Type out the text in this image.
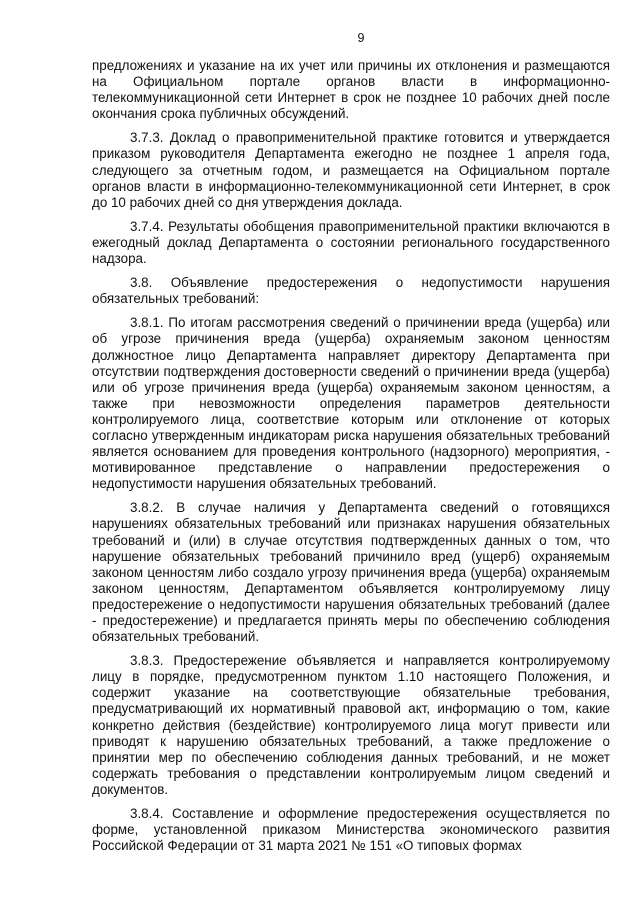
9

предложениях и указание на их учет или причины их отклонения и размещаются на Официальном портале органов власти в информационно-телекоммуникационной сети Интернет в срок не позднее 10 рабочих дней после окончания срока публичных обсуждений.

3.7.3. Доклад о правоприменительной практике готовится и утверждается приказом руководителя Департамента ежегодно не позднее 1 апреля года, следующего за отчетным годом, и размещается на Официальном портале органов власти в информационно-телекоммуникационной сети Интернет, в срок до 10 рабочих дней со дня утверждения доклада.

3.7.4. Результаты обобщения правоприменительной практики включаются в ежегодный доклад Департамента о состоянии регионального государственного надзора.

3.8. Объявление предостережения о недопустимости нарушения обязательных требований:

3.8.1. По итогам рассмотрения сведений о причинении вреда (ущерба) или об угрозе причинения вреда (ущерба) охраняемым законом ценностям должностное лицо Департамента направляет директору Департамента при отсутствии подтверждения достоверности сведений о причинении вреда (ущерба) или об угрозе причинения вреда (ущерба) охраняемым законом ценностям, а также при невозможности определения параметров деятельности контролируемого лица, соответствие которым или отклонение от которых согласно утвержденным индикаторам риска нарушения обязательных требований является основанием для проведения контрольного (надзорного) мероприятия, - мотивированное представление о направлении предостережения о недопустимости нарушения обязательных требований.

3.8.2. В случае наличия у Департамента сведений о готовящихся нарушениях обязательных требований или признаках нарушения обязательных требований и (или) в случае отсутствия подтвержденных данных о том, что нарушение обязательных требований причинило вред (ущерб) охраняемым законом ценностям либо создало угрозу причинения вреда (ущерба) охраняемым законом ценностям, Департаментом объявляется контролируемому лицу предостережение о недопустимости нарушения обязательных требований (далее - предостережение) и предлагается принять меры по обеспечению соблюдения обязательных требований.

3.8.3. Предостережение объявляется и направляется контролируемому лицу в порядке, предусмотренном пунктом 1.10 настоящего Положения, и содержит указание на соответствующие обязательные требования, предусматривающий их нормативный правовой акт, информацию о том, какие конкретно действия (бездействие) контролируемого лица могут привести или приводят к нарушению обязательных требований, а также предложение о принятии мер по обеспечению соблюдения данных требований, и не может содержать требования о представлении контролируемым лицом сведений и документов.

3.8.4. Составление и оформление предостережения осуществляется по форме, установленной приказом Министерства экономического развития Российской Федерации от 31 марта 2021 № 151 «О типовых формах
